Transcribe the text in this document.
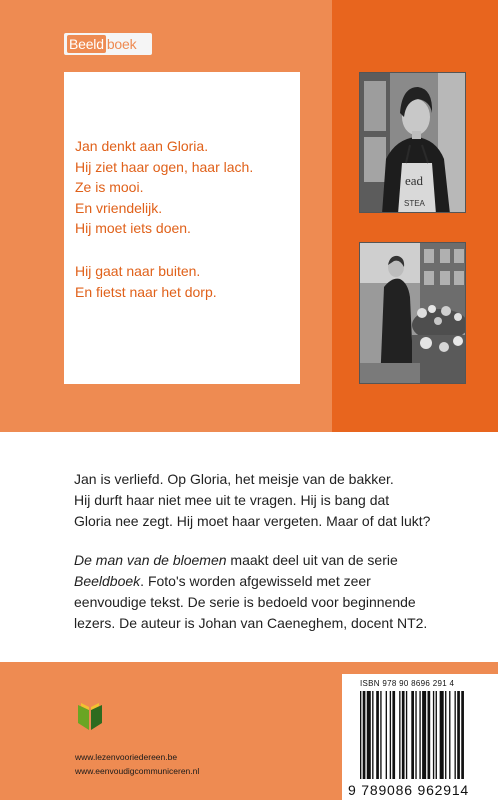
Beeld boek
Jan denkt aan Gloria.
Hij ziet haar ogen, haar lach.
Ze is mooi.
En vriendelijk.
Hij moet iets doen.
Hij gaat naar buiten.
En fietst naar het dorp.
ead
STEA
Jan is verliefd. Op Gloria, het meisje van de bakker.
Hij durft haar niet mee uit te vragen. Hij is bang dat
Gloria nee zegt. Hij moet haar vergeten. Maar of dat lukt?
De man van de bloemen maakt deel uit van de serie
Beeldboek. Foto's worden afgewisseld met zeer
eenvoudige tekst. De serie is bedoeld voor beginnende
lezers. De auteur is Johan van Caeneghem, docent NT2.
www.lezenvooriedereen.be
www.eenvoudigcommuniceren.nl
ISBN 978 90 8696 291 4
9 789086 962914
